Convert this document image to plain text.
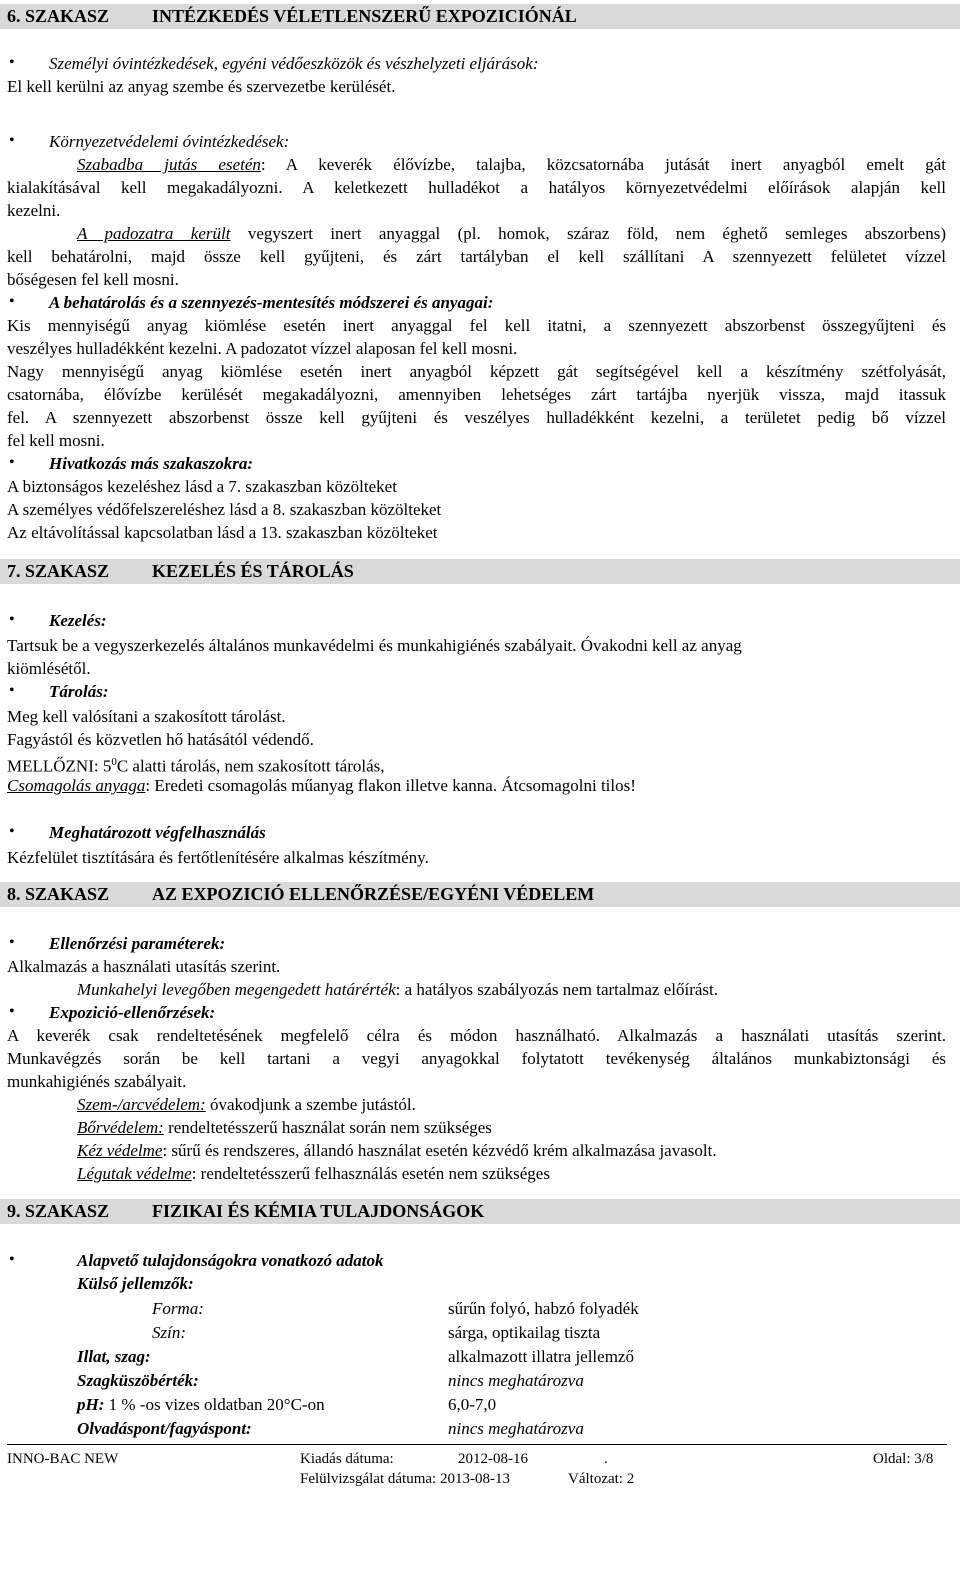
6. SZAKASZ INTÉZKEDÉS VÉLETLENSZERŰ EXPOZICIÓNÁL
• Személyi óvintézkedések, egyéni védőeszközök és vészhelyzeti eljárások:
El kell kerülni az anyag szembe és szervezetbe kerülését.
• Környezetvédelemi óvintézkedések:
Szabadba jutás esetén: A keverék élővízbe, talajba, közcsatornába jutását inert anyagból emelt gát
kialakításával kell megakadályozni. A keletkezett hulladékot a hatályos környezetvédelmi előírások alapján kell
kezelni.
A padozatra került vegyszert inert anyaggal (pl. homok, száraz föld, nem éghető semleges abszorbens)
kell behatárolni, majd össze kell gyűjteni, és zárt tartályban el kell szállítani A szennyezett felületet vízzel
bőségesen fel kell mosni.
• A behatárolás és a szennyezés-mentesítés módszerei és anyagai:
Kis mennyiségű anyag kiömlése esetén inert anyaggal fel kell itatni, a szennyezett abszorbenst összegyűjteni és
veszélyes hulladékként kezelni. A padozatot vízzel alaposan fel kell mosni.
Nagy mennyiségű anyag kiömlése esetén inert anyagból képzett gát segítségével kell a készítmény szétfolyását,
csatornába, élővízbe kerülését megakadályozni, amennyiben lehetséges zárt tartájba nyerjük vissza, majd itassuk
fel. A szennyezett abszorbenst össze kell gyűjteni és veszélyes hulladékként kezelni, a területet pedig bő vízzel
fel kell mosni.
• Hivatkozás más szakaszokra:
A biztonságos kezeléshez lásd a 7. szakaszban közölteket
A személyes védőfelszereléshez lásd a 8. szakaszban közölteket
Az eltávolítással kapcsolatban lásd a 13. szakaszban közölteket
7. SZAKASZ KEZELÉS ÉS TÁROLÁS
• Kezelés:
Tartsuk be a vegyszerkezelés általános munkavédelmi és munkahigiénés szabályait. Óvakodni kell az anyag
kiömlésétől.
• Tárolás:
Meg kell valósítani a szakosított tárolást.
Fagyástól és közvetlen hő hatásától védendő.
MELLŐZNI: $5^0C$ alatti tárolás, nem szakosított tárolás,
Csomagolás anyaga: Eredeti csomagolás műanyag flakon illetve kanna. Átcsomagolni tilos!
• Meghatározott végfelhasználás
Kézfelület tisztítására és fertőtlenítésére alkalmas készítmény.
8. SZAKASZ AZ EXPOZICIÓ ELLENŐRZÉSE/EGYÉNI VÉDELEM
• Ellenőrzési paraméterek:
Alkalmazás a használati utasítás szerint.
Munkahelyi levegőben megengedett határérték: a hatályos szabályozás nem tartalmaz előírást.
• Expozició-ellenőrzések:
A keverék csak rendeltetésének megfelelő célra és módon használható. Alkalmazás a használati utasítás szerint.
Munkavégzés során be kell tartani a vegyi anyagokkal folytatott tevékenység általános munkabiztonsági és
munkahigiénés szabályait.
Szem-/arcvédelem: óvakodjunk a szembe jutástól.
Bőrvédelem: rendeltetésszerű használat során nem szükséges
Kéz védelme: sűrű és rendszeres, állandó használat esetén kézvédő krém alkalmazása javasolt.
Légutak védelme: rendeltetésszerű felhasználás esetén nem szükséges
9. SZAKASZ FIZIKAI ÉS KÉMIA TULAJDONSÁGOK
•	Alapvető tulajdonságokra vonatkozó adatok
Külső jellemzők:
Forma:	sűrűn folyó, habzó folyadék
Szín:	sárga, optikailag tiszta
Illat, szag:	alkalmazott illatra jellemző
Szagküszöbérték:	nincs meghatározva
pH: 1 % -os vizes oldatban 20°C-on	6,0-7,0
Olvadáspont/fagyáspont:	nincs meghatározva
INNO-BAC NEW	Kiadás dátuma:	2012-08-16	.	Oldal: 3/8
Felülvizsgálat dátuma: 2013-08-13	Változat: 2
